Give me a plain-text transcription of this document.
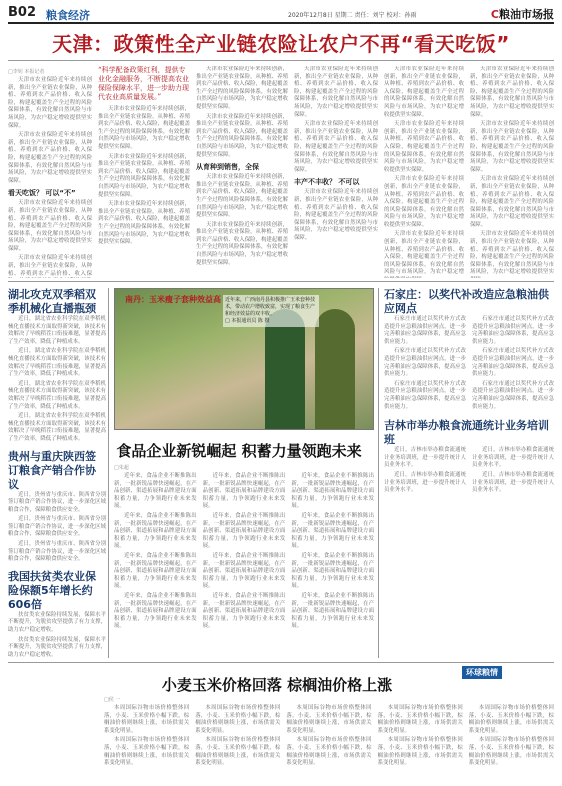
B02 粮食经济	2020年12月8日 星期二 责任：刘宁 校对：孙雨	C粮油市场报
天津：政策性全产业链农险让农户不再“看天吃饭”
□李钊 本报记者

天津市农业保险近年来持续创新，推出全产业链农业保险，从种植、养殖到农产品价格、收入保险，构建起覆盖生产全过程的风险保障体系，有效化解自然风险与市场风险，为农户稳定增收提供坚实保障。

天津市农业保险近年来持续创新，推出全产业链农业保险，从种植、养殖到农产品价格、收入保险，构建起覆盖生产全过程的风险保障体系，有效化解自然风险与市场风险，为农户稳定增收提供坚实保障。

看天吃饭？ 可以“不”

天津市农业保险近年来持续创新，推出全产业链农业保险，从种植、养殖到农产品价格、收入保险，构建起覆盖生产全过程的风险保障体系，有效化解自然风险与市场风险，为农户稳定增收提供坚实保障。

天津市农业保险近年来持续创新，推出全产业链农业保险，从种植、养殖到农产品价格、收入保

“科学配备政策红利，提供专业化金融服务，不断提高农业保险保障水平，进一步助力现代农业高质量发展。”

天津市农业保险近年来持续创新，推出全产业链农业保险，从种植、养殖到农产品价格、收入保险，构建起覆盖生产全过程的风险保障体系，有效化解自然风险与市场风险，为农户稳定增收提供坚实保障。

天津市农业保险近年来持续创新，推出全产业链农业保险，从种植、养殖到农产品价格、收入保险，构建起覆盖生产全过程的风险保障体系，有效化解自然风险与市场风险，为农户稳定增收提供坚实保障。

天津市农业保险近年来持续创新，推出全产业链农业保险，从种植、养殖到农产品价格、收入保险，构建起覆盖生产全过程的风险保障体系，有效化解自然风险与市场风险，为农户稳定增收提供坚实保障。

天津市农业保险近年来持续创新，推出全产业链农业保险，从种植、养殖到农产品价格、收入保险，构建起覆盖生产全过程的风险保障体系，有效化解自然风险与市场风险，为农户稳定增收提供坚实保障。

天津市农业保险近年来持续创新，推出全产业链农业保险，从种植、养殖到农产品价格、收入保险，构建起覆盖生产全过程的风险保障体系，有效化解自然风险与市场风险，为农户稳定增收提供坚实保障。

从育种到销售，全保

天津市农业保险近年来持续创新，推出全产业链农业保险，从种植、养殖到农产品价格、收入保险，构建起覆盖生产全过程的风险保障体系，有效化解自然风险与市场风险，为农户稳定增收提供坚实保障。

天津市农业保险近年来持续创新，推出全产业链农业保险，从种植、养殖到农产品价格、收入保险，构建起覆盖生产全过程的风险保障体系，有效化解自然风险与市场风险，为农户稳定增收提供坚实保障。

天津市农业保险近年来持续创新，推出全产业链农业保险，从种植、养殖到农产品价格、收入保险，构建起覆盖生产全过程的风险保障体系，有效化解自然风险与市场风险，为农户稳定增收提供坚实保障。

天津市农业保险近年来持续创新，推出全产业链农业保险，从种植、养殖到农产品价格、收入保险，构建起覆盖生产全过程的风险保障体系，有效化解自然风险与市场风险，为农户稳定增收提供坚实保障。

丰产不丰收？ 不可以

天津市农业保险近年来持续创新，推出全产业链农业保险，从种植、养殖到农产品价格、收入保险，构建起覆盖生产全过程的风险保障体系，有效化解自然风险与市场风险，为农户稳定增收提供坚实保障。

天津市农业保险近年来持续创新，推出全产业链农业保险，从种植、养殖到农产品价格、收入保险，构建起覆盖生产全过程的风险保障体系，有效化解自然风险与市场风险，为农户稳定增收提供坚实保障。

天津市农业保险近年来持续创新，推出全产业链农业保险，从种植、养殖到农产品价格、收入保险，构建起覆盖生产全过程的风险保障体系，有效化解自然风险与市场风险，为农户稳定增收提供坚实保障。

天津市农业保险近年来持续创新，推出全产业链农业保险，从种植、养殖到农产品价格、收入保险，构建起覆盖生产全过程的风险保障体系，有效化解自然风险与市场风险，为农户稳定增收提供坚实保障。

天津市农业保险近年来持续创新，推出全产业链农业保险，从种植、养殖到农产品价格、收入保险，构建起覆盖生产全过程的风险保障体系，有效化解自然风险与市场风险，为农户稳定增

天津市农业保险近年来持续创新，推出全产业链农业保险，从种植、养殖到农产品价格、收入保险，构建起覆盖生产全过程的风险保障体系，有效化解自然风险与市场风险，为农户稳定增收提供坚实保障。

天津市农业保险近年来持续创新，推出全产业链农业保险，从种植、养殖到农产品价格、收入保险，构建起覆盖生产全过程的风险保障体系，有效化解自然风险与市场风险，为农户稳定增收提供坚实保障。

天津市农业保险近年来持续创新，推出全产业链农业保险，从种植、养殖到农产品价格、收入保险，构建起覆盖生产全过程的风险保障体系，有效化解自然风险与市场风险，为农户稳定增收提供坚实保障。

天津市农业保险近年来持续创新，推出全产业链农业保险，从种植、养殖到农产品价格、收入保险，构建起覆盖生产全过程的风险保障体系，有效化解自然风险与市场风险，为农户稳定增收提供坚实

湖北攻克双季稻双季机械化直播瓶颈

近日，湖北省农业科学院在双季稻机械化直播技术方面取得新突破，该技术有效解决了早晚稻茬口衔接难题，显著提高了生产效率，降低了种植成本。

近日，湖北省农业科学院在双季稻机械化直播技术方面取得新突破，该技术有效解决了早晚稻茬口衔接难题，显著提高了生产效率，降低了种植成本。

近日，湖北省农业科学院在双季稻机械化直播技术方面取得新突破，该技术有效解决了早晚稻茬口衔接难题，显著提高了生产效率，降低了种植成本。

近日，湖北省农业科学院在双季稻机械化直播技术方面取得新突破，该技术有效解决了早晚稻茬口衔接难题，显著提高了生产效率，降低了种植成本。

贵州与重庆陕西签订粮食产销合作协议

近日，贵州省与重庆市、陕西省分别签订粮食产销合作协议，进一步深化区域粮食合作，保障粮食供应安全。

近日，贵州省与重庆市、陕西省分别签订粮食产销合作协议，进一步深化区域粮食合作，保障粮食供应安全。

近日，贵州省与重庆市、陕西省分别签订粮食产销合作协议，进一步深化区域粮食合作，保障粮食供应安全。

我国扶贫类农业保险保额5年增长约606倍

扶贫类农业保险持续发展，保障水平不断提升，为脱贫攻坚提供了有力支撑，助力农户稳定增收。

扶贫类农业保险持续发展，保障水平不断提升，为脱贫攻坚提供了有力支撑，助力农户稳定增收。

南丹：玉米瘦子套种效益高 近年来，广西南丹县积极推广玉米套种技术，带动农户增收致富，实现了粮食生产和经济效益的双丰收。
□ 本报通讯员 陈 摄
食品企业新锐崛起 积蓄力量领跑未来
□朱超

近年来，食品企业不断推陈出新，一批新锐品牌快速崛起，在产品创新、渠道拓展和品牌建设方面积蓄力量，力争领跑行业未来发展。

近年来，食品企业不断推陈出新，一批新锐品牌快速崛起，在产品创新、渠道拓展和品牌建设方面积蓄力量，力争领跑行业未来发展。

近年来，食品企业不断推陈出新，一批新锐品牌快速崛起，在产品创新、渠道拓展和品牌建设方面积蓄力量，力争领跑行业未来发展。

近年来，食品企业不断推陈出新，一批新锐品牌快速崛起，在产品创新、渠道拓展和品牌建设方面积蓄力量，力争领跑行业未来发展。

近年来，食品企业不断推陈出新，一批新锐品牌快速崛起，在产品创新、渠道拓展和品牌建设方面积蓄力量，力争领跑行业未来发展。

近年来，食品企业不断推陈出新，一批新锐品牌快速崛起，在产品创新、渠道拓展和品牌建设方面积蓄力量，力争领跑行业未来发展。

近年来，食品企业不断推陈出新，一批新锐品牌快速崛起，在产品创新、渠道拓展和品牌建设方面积蓄力量，力争领跑行业未来发展。

近年来，食品企业不断推陈出新，一批新锐品牌快速崛起，在产品创新、渠道拓展和品牌建设方面积蓄力量，力争领跑行业未来发展。

近年来，食品企业不断推陈出新，一批新锐品牌快速崛起，在产品创新、渠道拓展和品牌建设方面积蓄力量，力争领跑行业未来发展。

近年来，食品企业不断推陈出新，一批新锐品牌快速崛起，在产品创新、渠道拓展和品牌建设方面积蓄力量，力争领跑行业未来发展。

近年来，食品企业不断推陈出新，一批新锐品牌快速崛起，在产品创新、渠道拓展和品牌建设方面积蓄力量，力争领跑行业未来发展。

近年来，食品企业不断推陈出新，一批新锐品牌快速崛起，在产品创新、渠道拓展和品牌建设方面积蓄力量，力争领跑行业未来发展。

石家庄：以奖代补改造应急粮油供应网点

石家庄市通过以奖代补方式改造提升应急粮油供应网点，进一步完善粮油应急保障体系，提高应急供应能力。

石家庄市通过以奖代补方式改造提升应急粮油供应网点，进一步完善粮油应急保障体系，提高应急供应能力。

石家庄市通过以奖代补方式改造提升应急粮油供应网点，进一步完善粮油应急保障体系，提高应急供应能力。

石家庄市通过以奖代补方式改造提升应急粮油供应网点，进一步完善粮油应急保障体系，提高应急供应能力。

石家庄市通过以奖代补方式改造提升应急粮油供应网点，进一步完善粮油应急保障体系，提高应急供应能力。

石家庄市通过以奖代补方式改造提升应急粮油供应网点，进一步完善粮油应急保障体系，提高应急供应能力。

吉林市举办粮食流通统计业务培训班

近日，吉林市举办粮食流通统计业务培训班，进一步提升统计人员业务水平。

近日，吉林市举办粮食流通统计业务培训班，进一步提升统计人员业务水平。

近日，吉林市举办粮食流通统计业务培训班，进一步提升统计人员业务水平。

近日，吉林市举办粮食流通统计业务培训班，进一步提升统计人员业务水平。

环球粮情
小麦玉米价格回落 棕榈油价格上涨
□侯 一

本周国际谷物市场价格整体回落，小麦、玉米价格小幅下跌，棕榈油价格则继续上涨，市场供需关系变化明显。

本周国际谷物市场价格整体回落，小麦、玉米价格小幅下跌，棕榈油价格则继续上涨，市场供需关系变化明显。

本周国际谷物市场价格整体回落，小麦、玉米价格小幅下跌，棕榈油价格则继续上涨，市场供需关系变化明显。

本周国际谷物市场价格整体回落，小麦、玉米价格小幅下跌，棕榈油价格则继续上涨，市场供需关系变化明显。

本周国际谷物市场价格整体回落，小麦、玉米价格小幅下跌，棕榈油价格则继续上涨，市场供需关系变化明显。

本周国际谷物市场价格整体回落，小麦、玉米价格小幅下跌，棕榈油价格则继续上涨，市场供需关系变化明显。

本周国际谷物市场价格整体回落，小麦、玉米价格小幅下跌，棕榈油价格则继续上涨，市场供需关系变化明显。

本周国际谷物市场价格整体回落，小麦、玉米价格小幅下跌，棕榈油价格则继续上涨，市场供需关系变化明显。

本周国际谷物市场价格整体回落，小麦、玉米价格小幅下跌，棕榈油价格则继续上涨，市场供需关系变化明显。

本周国际谷物市场价格整体回落，小麦、玉米价格小幅下跌，棕榈油价格则继续上涨，市场供需关系变化明显。
